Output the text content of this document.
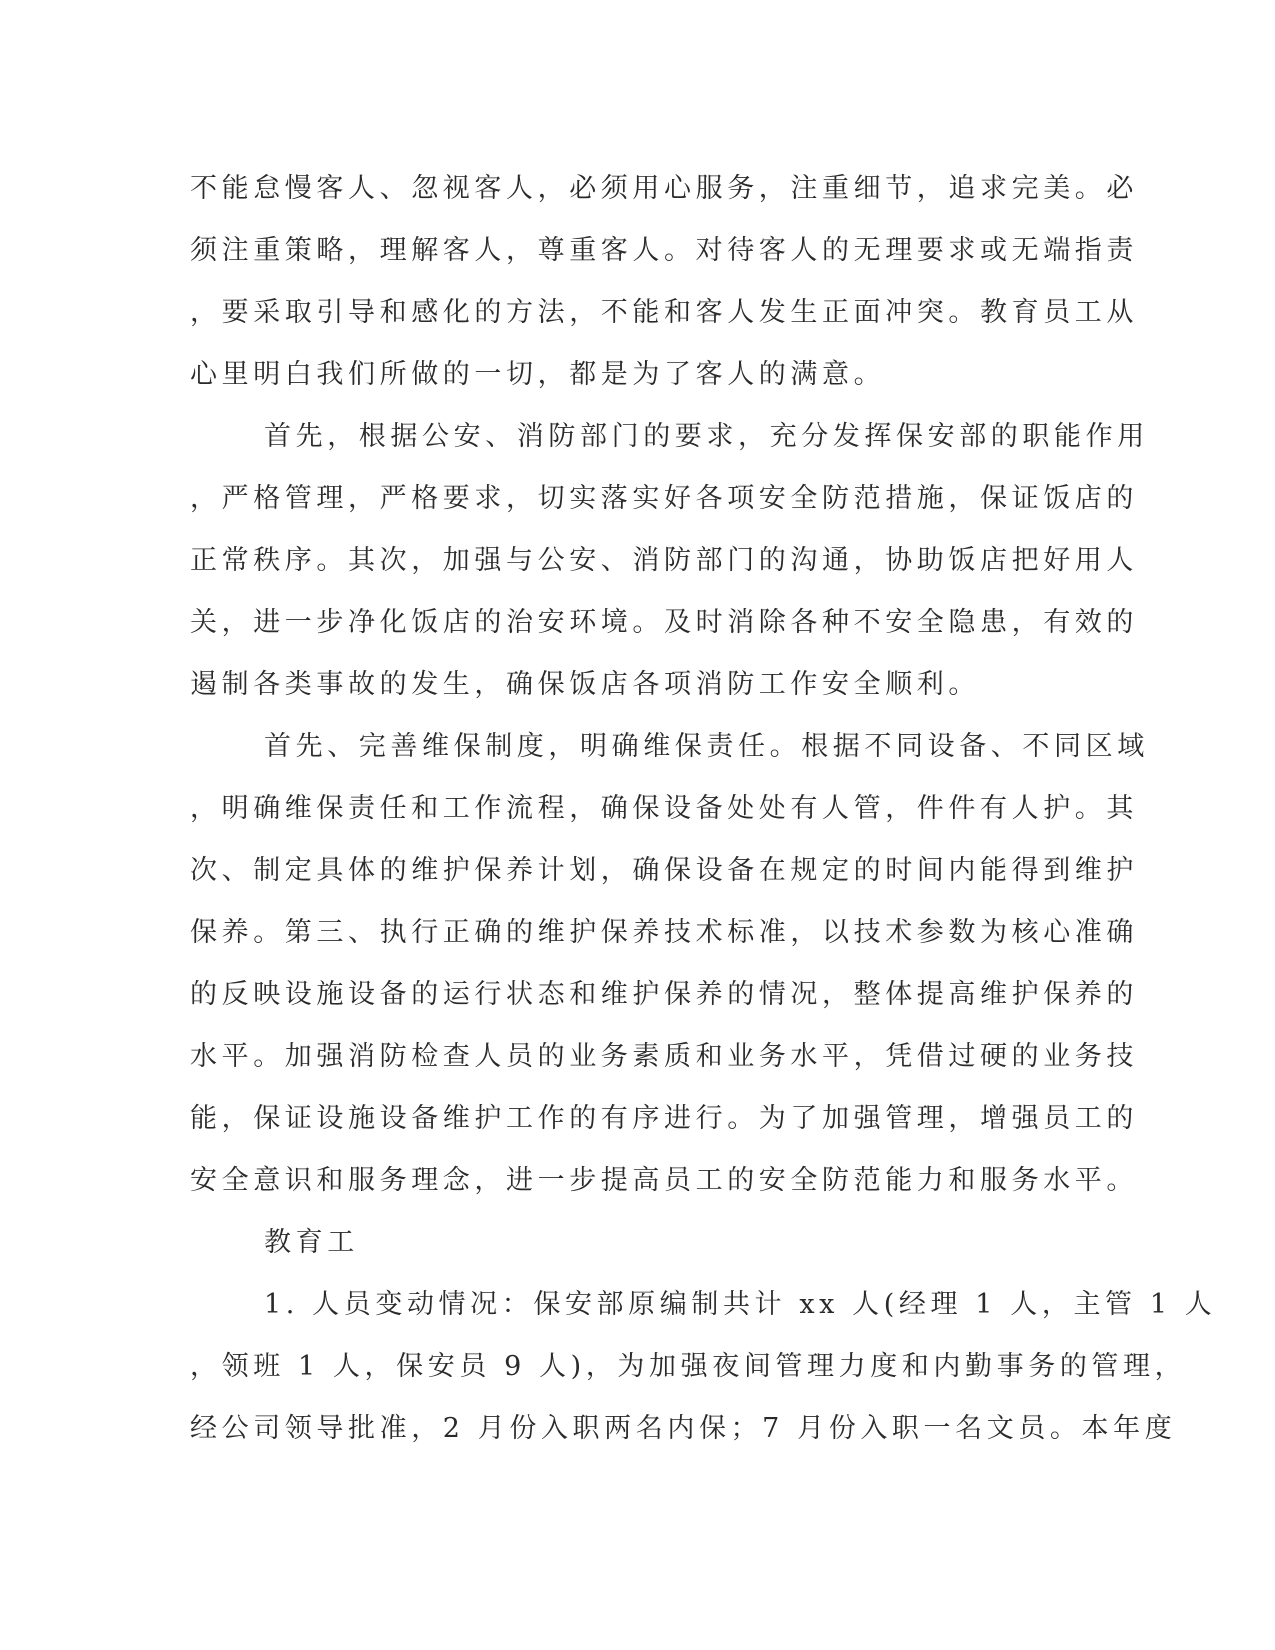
不能怠慢客人、忽视客人，必须用心服务，注重细节，追求完美。必
须注重策略，理解客人，尊重客人。对待客人的无理要求或无端指责
，要采取引导和感化的方法，不能和客人发生正面冲突。教育员工从
心里明白我们所做的一切，都是为了客人的满意。
首先，根据公安、消防部门的要求，充分发挥保安部的职能作用
，严格管理，严格要求，切实落实好各项安全防范措施，保证饭店的
正常秩序。其次，加强与公安、消防部门的沟通，协助饭店把好用人
关，进一步净化饭店的治安环境。及时消除各种不安全隐患，有效的
遏制各类事故的发生，确保饭店各项消防工作安全顺利。
首先、完善维保制度，明确维保责任。根据不同设备、不同区域
，明确维保责任和工作流程，确保设备处处有人管，件件有人护。其
次、制定具体的维护保养计划，确保设备在规定的时间内能得到维护
保养。第三、执行正确的维护保养技术标准，以技术参数为核心准确
的反映设施设备的运行状态和维护保养的情况，整体提高维护保养的
水平。加强消防检查人员的业务素质和业务水平，凭借过硬的业务技
能，保证设施设备维护工作的有序进行。为了加强管理，增强员工的
安全意识和服务理念，进一步提高员工的安全防范能力和服务水平。
教育工
1. 人员变动情况：保安部原编制共计 xx 人(经理 1 人，主管 1 人
，领班 1 人，保安员 9 人)，为加强夜间管理力度和内勤事务的管理，
经公司领导批准，2 月份入职两名内保；7 月份入职一名文员。本年度
